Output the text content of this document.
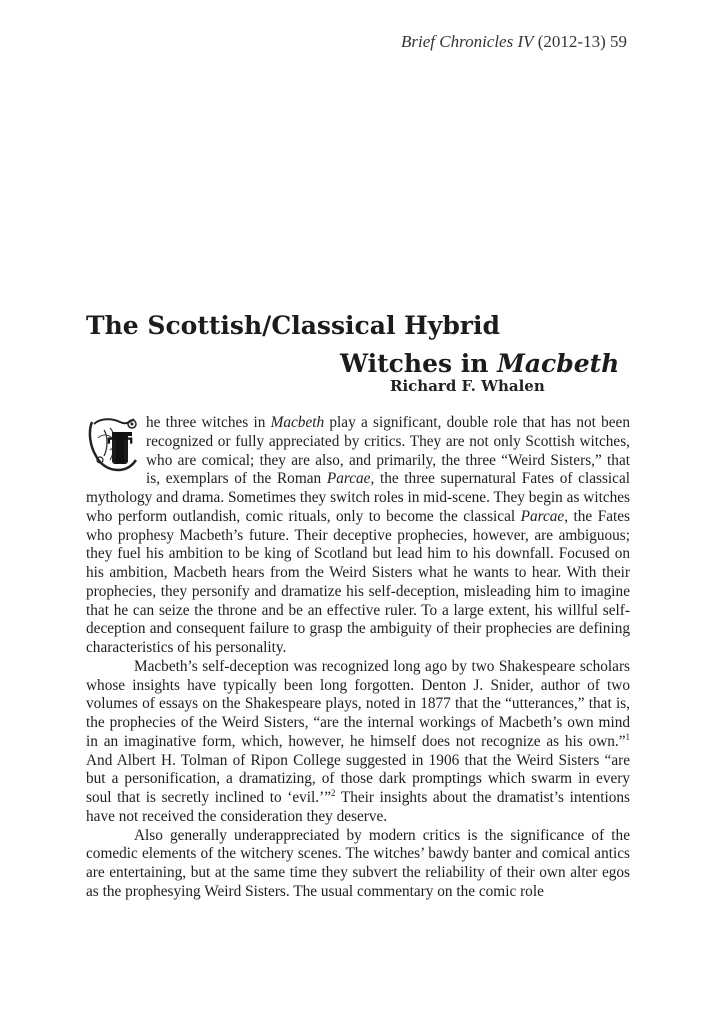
Brief Chronicles IV (2012-13) 59
The Scottish/Classical Hybrid
Witches in Macbeth
Richard F. Whalen

T
he three witches in Macbeth play a significant, double role that has not been recognized or fully appreciated by critics. They are not only Scottish witches, who are comical; they are also, and primarily, the three “Weird Sisters,” that is, exemplars of the Roman Parcae, the three supernatural Fates of classical mythology and drama. Sometimes they switch roles in mid-scene. They begin as witches who perform outlandish, comic rituals, only to become the classical Parcae, the Fates who prophesy Macbeth’s future. Their deceptive prophecies, however, are ambiguous; they fuel his ambition to be king of Scotland but lead him to his downfall. Focused on his ambition, Macbeth hears from the Weird Sisters what he wants to hear. With their prophecies, they personify and dramatize his self-deception, misleading him to imagine that he can seize the throne and be an effective ruler. To a large extent, his willful self-deception and consequent failure to grasp the ambiguity of their prophecies are defining characteristics of his personality.

Macbeth’s self-deception was recognized long ago by two Shakespeare scholars whose insights have typically been long forgotten. Denton J. Snider, author of two volumes of essays on the Shakespeare plays, noted in 1877 that the “utterances,” that is, the prophecies of the Weird Sisters, “are the internal workings of Macbeth’s own mind in an imaginative form, which, however, he himself does not recognize as his own.”$^1$ And Albert H. Tolman of Ripon College suggested in 1906 that the Weird Sisters “are but a personification, a dramatizing, of those dark promptings which swarm in every soul that is secretly inclined to ‘evil.’”$^2$ Their insights about the dramatist’s intentions have not received the consideration they deserve.

Also generally underappreciated by modern critics is the significance of the comedic elements of the witchery scenes. The witches’ bawdy banter and comical antics are entertaining, but at the same time they subvert the reliability of their own alter egos as the prophesying Weird Sisters. The usual commentary on the comic role
